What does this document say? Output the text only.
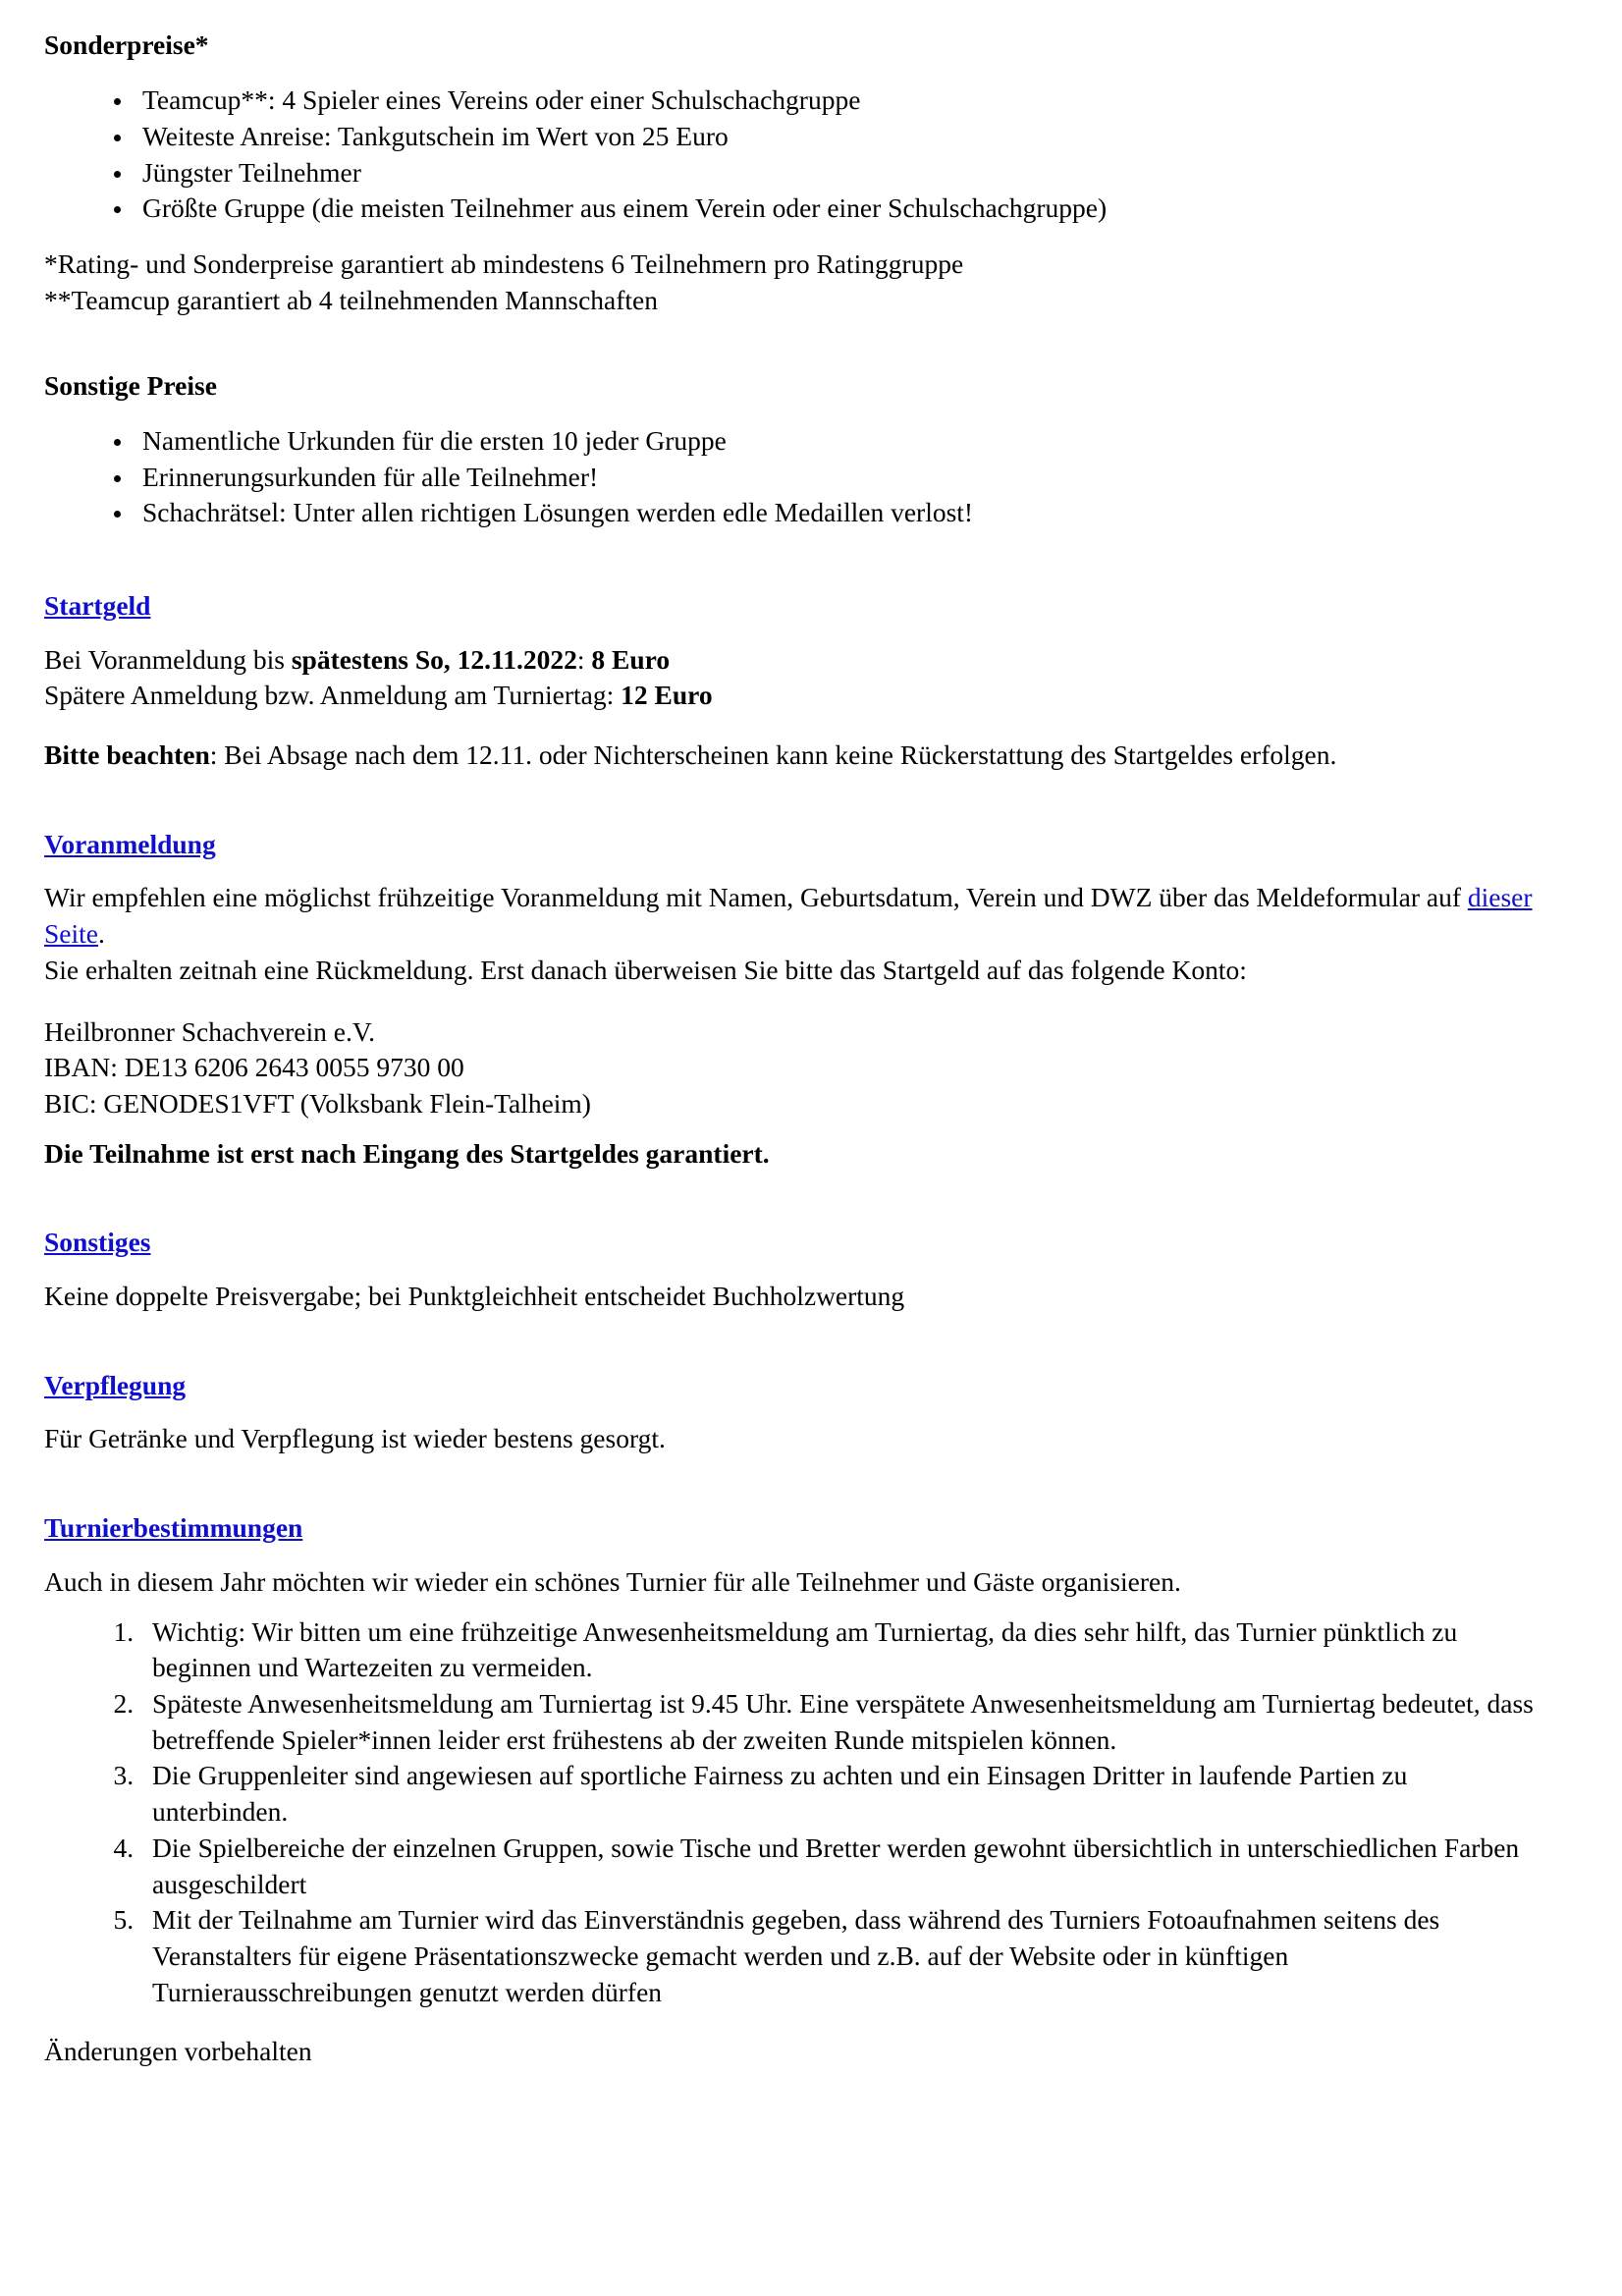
Sonderpreise*
• Teamcup**: 4 Spieler eines Vereins oder einer Schulschachgruppe
• Weiteste Anreise: Tankgutschein im Wert von 25 Euro
• Jüngster Teilnehmer
• Größte Gruppe (die meisten Teilnehmer aus einem Verein oder einer Schulschachgruppe)

*Rating- und Sonderpreise garantiert ab mindestens 6 Teilnehmern pro Ratinggruppe

**Teamcup garantiert ab 4 teilnehmenden Mannschaften

Sonstige Preise
• Namentliche Urkunden für die ersten 10 jeder Gruppe
• Erinnerungsurkunden für alle Teilnehmer!
• Schachrätsel: Unter allen richtigen Lösungen werden edle Medaillen verlost!
Startgeld

Bei Voranmeldung bis spätestens So, 12.11.2022: 8 Euro

Spätere Anmeldung bzw. Anmeldung am Turniertag: 12 Euro

Bitte beachten: Bei Absage nach dem 12.11. oder Nichterscheinen kann keine Rückerstattung des Startgeldes erfolgen.

Voranmeldung

Wir empfehlen eine möglichst frühzeitige Voranmeldung mit Namen, Geburtsdatum, Verein und DWZ über das Meldeformular auf dieser Seite.

Sie erhalten zeitnah eine Rückmeldung. Erst danach überweisen Sie bitte das Startgeld auf das folgende Konto:

Heilbronner Schachverein e.V.

IBAN: DE13 6206 2643 0055 9730 00

BIC: GENODES1VFT (Volksbank Flein-Talheim)

Die Teilnahme ist erst nach Eingang des Startgeldes garantiert.

Sonstiges

Keine doppelte Preisvergabe; bei Punktgleichheit entscheidet Buchholzwertung

Verpflegung

Für Getränke und Verpflegung ist wieder bestens gesorgt.

Turnierbestimmungen

Auch in diesem Jahr möchten wir wieder ein schönes Turnier für alle Teilnehmer und Gäste organisieren.

1. Wichtig: Wir bitten um eine frühzeitige Anwesenheitsmeldung am Turniertag, da dies sehr hilft, das Turnier pünktlich zu beginnen und Wartezeiten zu vermeiden.
2. Späteste Anwesenheitsmeldung am Turniertag ist 9.45 Uhr. Eine verspätete Anwesenheitsmeldung am Turniertag bedeutet, dass betreffende Spieler*innen leider erst frühestens ab der zweiten Runde mitspielen können.
3. Die Gruppenleiter sind angewiesen auf sportliche Fairness zu achten und ein Einsagen Dritter in laufende Partien zu unterbinden.
4. Die Spielbereiche der einzelnen Gruppen, sowie Tische und Bretter werden gewohnt übersichtlich in unterschiedlichen Farben ausgeschildert
5. Mit der Teilnahme am Turnier wird das Einverständnis gegeben, dass während des Turniers Fotoaufnahmen seitens des Veranstalters für eigene Präsentationszwecke gemacht werden und z.B. auf der Website oder in künftigen Turnierausschreibungen genutzt werden dürfen

Änderungen vorbehalten
